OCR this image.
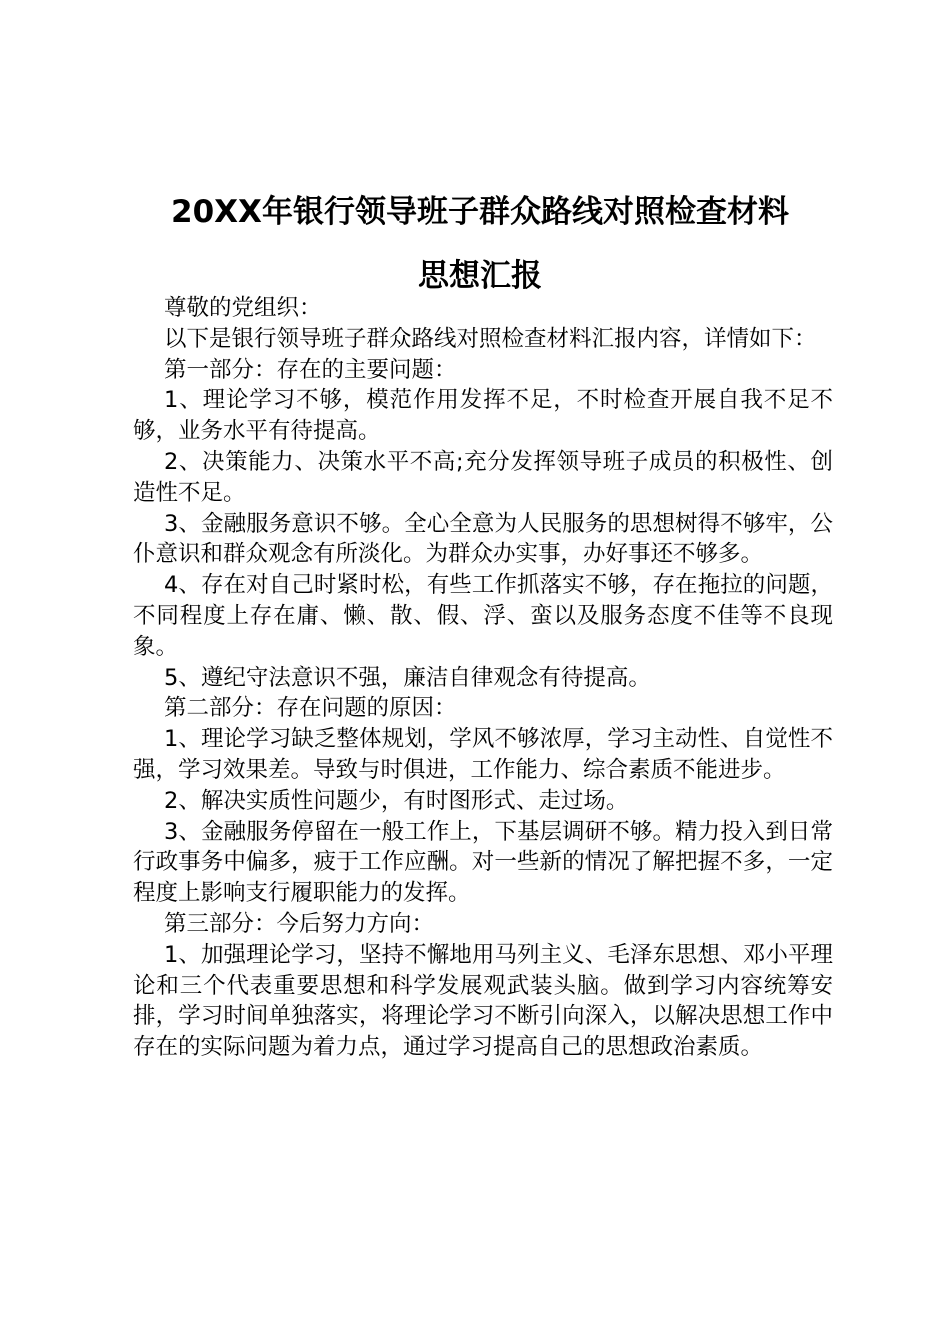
20XX年银行领导班子群众路线对照检查材料
思想汇报

尊敬的党组织：

以下是银行领导班子群众路线对照检查材料汇报内容，详情如下：

第一部分：存在的主要问题：

1、理论学习不够，模范作用发挥不足，不时检查开展自我不足不够，业务水平有待提高。

2、决策能力、决策水平不高;充分发挥领导班子成员的积极性、创造性不足。

3、金融服务意识不够。全心全意为人民服务的思想树得不够牢，公仆意识和群众观念有所淡化。为群众办实事，办好事还不够多。

4、存在对自己时紧时松，有些工作抓落实不够，存在拖拉的问题，不同程度上存在庸、懒、散、假、浮、蛮以及服务态度不佳等不良现象。

5、遵纪守法意识不强，廉洁自律观念有待提高。

第二部分：存在问题的原因：

1、理论学习缺乏整体规划，学风不够浓厚，学习主动性、自觉性不强，学习效果差。导致与时俱进，工作能力、综合素质不能进步。

2、解决实质性问题少，有时图形式、走过场。

3、金融服务停留在一般工作上，下基层调研不够。精力投入到日常行政事务中偏多，疲于工作应酬。对一些新的情况了解把握不多，一定程度上影响支行履职能力的发挥。

第三部分：今后努力方向：

1、加强理论学习，坚持不懈地用马列主义、毛泽东思想、邓小平理论和三个代表重要思想和科学发展观武装头脑。做到学习内容统筹安排，学习时间单独落实，将理论学习不断引向深入，以解决思想工作中存在的实际问题为着力点，通过学习提高自己的思想政治素质。
